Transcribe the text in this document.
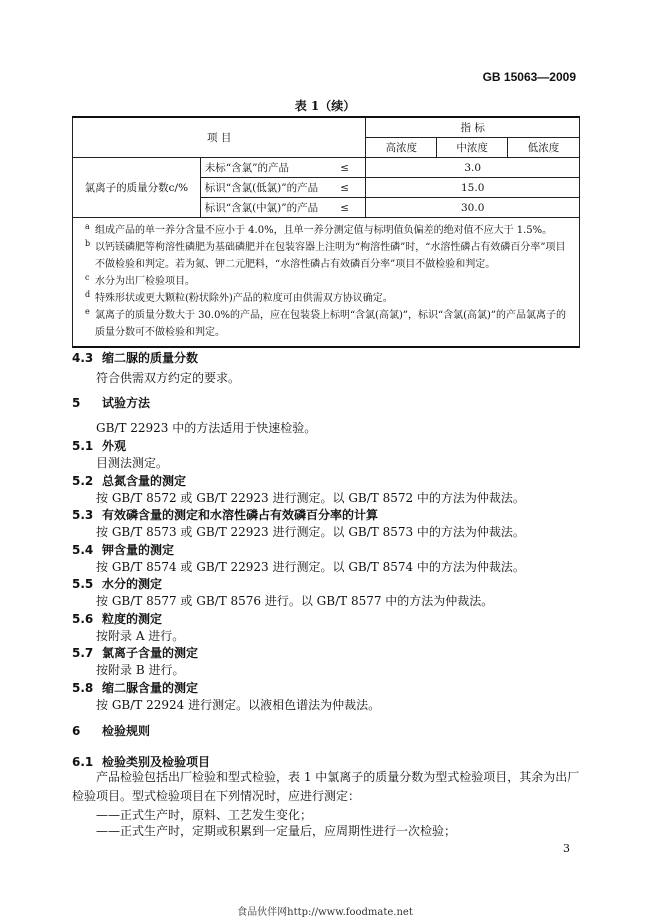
GB 15063—2009
表 1（续）
项 目			指 标		
			高浓度	中浓度	低浓度
氯离子的质量分数c/%	未标“含氯”的产品	≤	3.0		
	标识“含氯(低氯)”的产品	≤	15.0		
	标识“含氯(中氯)”的产品	≤	30.0		
a 组成产品的单一养分含量不应小于 4.0%，且单一养分测定值与标明值负偏差的绝对值不应大于 1.5%。
b 以钙镁磷肥等枸溶性磷肥为基础磷肥并在包装容器上注明为“枸溶性磷”时，“水溶性磷占有效磷百分率”项目不做检验和判定。若为氮、钾二元肥料，“水溶性磷占有效磷百分率”项目不做检验和判定。
c 水分为出厂检验项目。
d 特殊形状或更大颗粒(粉状除外)产品的粒度可由供需双方协议确定。
e 氯离子的质量分数大于 30.0%的产品，应在包装袋上标明“含氯(高氯)”，标识“含氯(高氯)”的产品氯离子的质量分数可不做检验和判定。
4.3 缩二脲的质量分数
符合供需双方约定的要求。
5 试验方法
GB/T 22923 中的方法适用于快速检验。
5.1 外观
目测法测定。
5.2 总氮含量的测定
按 GB/T 8572 或 GB/T 22923 进行测定。以 GB/T 8572 中的方法为仲裁法。
5.3 有效磷含量的测定和水溶性磷占有效磷百分率的计算
按 GB/T 8573 或 GB/T 22923 进行测定。以 GB/T 8573 中的方法为仲裁法。
5.4 钾含量的测定
按 GB/T 8574 或 GB/T 22923 进行测定。以 GB/T 8574 中的方法为仲裁法。
5.5 水分的测定
按 GB/T 8577 或 GB/T 8576 进行。以 GB/T 8577 中的方法为仲裁法。
5.6 粒度的测定
按附录 A 进行。
5.7 氯离子含量的测定
按附录 B 进行。
5.8 缩二脲含量的测定
按 GB/T 22924 进行测定。以液相色谱法为仲裁法。
6 检验规则
6.1 检验类别及检验项目
产品检验包括出厂检验和型式检验，表 1 中氯离子的质量分数为型式检验项目，其余为出厂检验项目。型式检验项目在下列情况时，应进行测定：
——正式生产时，原料、工艺发生变化；
——正式生产时，定期或积累到一定量后，应周期性进行一次检验；
3
食品伙伴网http://www.foodmate.net
